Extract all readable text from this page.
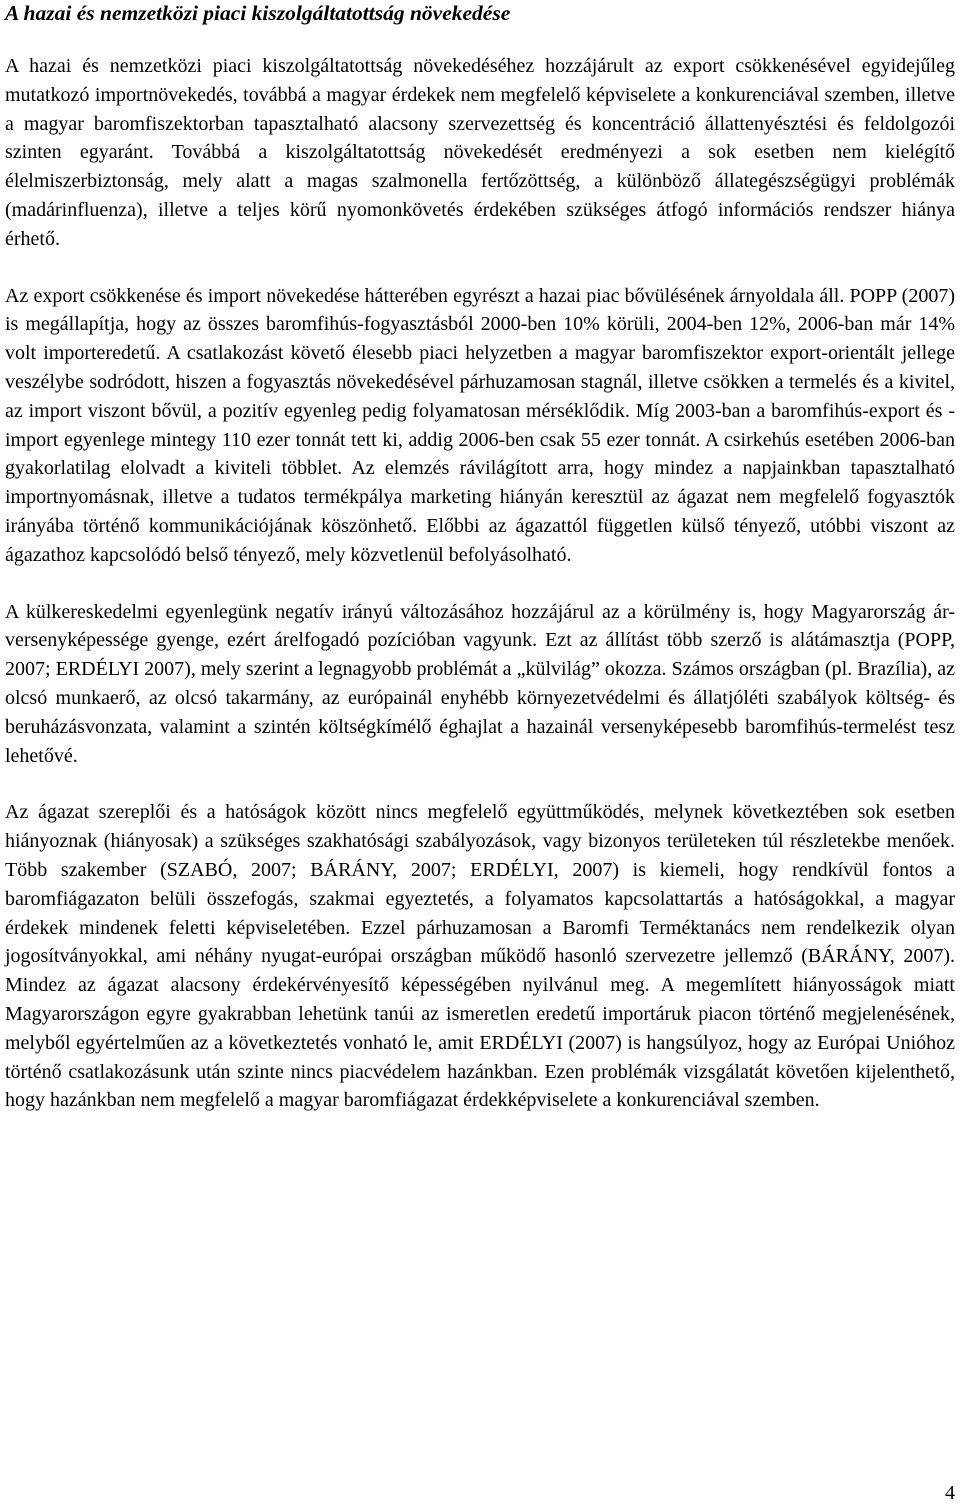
A hazai és nemzetközi piaci kiszolgáltatottság növekedése

A hazai és nemzetközi piaci kiszolgáltatottság növekedéséhez hozzájárult az export csökkenésével egyidejűleg mutatkozó importnövekedés, továbbá a magyar érdekek nem megfelelő képviselete a konkurenciával szemben, illetve a magyar baromfiszektorban tapasztalható alacsony szervezettség és koncentráció állattenyésztési és feldolgozói szinten egyaránt. Továbbá a kiszolgáltatottság növekedését eredményezi a sok esetben nem kielégítő élelmiszerbiztonság, mely alatt a magas szalmonella fertőzöttség, a különböző állategészségügyi problémák (madárinfluenza), illetve a teljes körű nyomonkövetés érdekében szükséges átfogó információs rendszer hiánya érhető.

Az export csökkenése és import növekedése hátterében egyrészt a hazai piac bővülésének árnyoldala áll. POPP (2007) is megállapítja, hogy az összes baromfihús-fogyasztásból 2000-ben 10% körüli, 2004-ben 12%, 2006-ban már 14% volt importeredetű. A csatlakozást követő élesebb piaci helyzetben a magyar baromfiszektor export-orientált jellege veszélybe sodródott, hiszen a fogyasztás növekedésével párhuzamosan stagnál, illetve csökken a termelés és a kivitel, az import viszont bővül, a pozitív egyenleg pedig folyamatosan mérséklődik. Míg 2003-ban a baromfihús-export és -import egyenlege mintegy 110 ezer tonnát tett ki, addig 2006-ben csak 55 ezer tonnát. A csirkehús esetében 2006-ban gyakorlatilag elolvadt a kiviteli többlet. Az elemzés rávilágított arra, hogy mindez a napjainkban tapasztalható importnyomásnak, illetve a tudatos termékpálya marketing hiányán keresztül az ágazat nem megfelelő fogyasztók irányába történő kommunikációjának köszönhető. Előbbi az ágazattól független külső tényező, utóbbi viszont az ágazathoz kapcsolódó belső tényező, mely közvetlenül befolyásolható.

A külkereskedelmi egyenlegünk negatív irányú változásához hozzájárul az a körülmény is, hogy Magyarország ár-versenyképessége gyenge, ezért árelfogadó pozícióban vagyunk. Ezt az állítást több szerző is alátámasztja (POPP, 2007; ERDÉLYI 2007), mely szerint a legnagyobb problémát a „külvilág” okozza. Számos országban (pl. Brazília), az olcsó munkaerő, az olcsó takarmány, az európainál enyhébb környezetvédelmi és állatjóléti szabályok költség- és beruházásvonzata, valamint a szintén költségkímélő éghajlat a hazainál versenyképesebb baromfihús-termelést tesz lehetővé.

Az ágazat szereplői és a hatóságok között nincs megfelelő együttműködés, melynek következtében sok esetben hiányoznak (hiányosak) a szükséges szakhatósági szabályozások, vagy bizonyos területeken túl részletekbe menőek. Több szakember (SZABÓ, 2007; BÁRÁNY, 2007; ERDÉLYI, 2007) is kiemeli, hogy rendkívül fontos a baromfiágazaton belüli összefogás, szakmai egyeztetés, a folyamatos kapcsolattartás a hatóságokkal, a magyar érdekek mindenek feletti képviseletében. Ezzel párhuzamosan a Baromfi Terméktanács nem rendelkezik olyan jogosítványokkal, ami néhány nyugat-európai országban működő hasonló szervezetre jellemző (BÁRÁNY, 2007). Mindez az ágazat alacsony érdekérvényesítő képességében nyilvánul meg. A megemlített hiányosságok miatt Magyarországon egyre gyakrabban lehetünk tanúi az ismeretlen eredetű importáruk piacon történő megjelenésének, melyből egyértelműen az a következtetés vonható le, amit ERDÉLYI (2007) is hangsúlyoz, hogy az Európai Unióhoz történő csatlakozásunk után szinte nincs piacvédelem hazánkban. Ezen problémák vizsgálatát követően kijelenthető, hogy hazánkban nem megfelelő a magyar baromfiágazat érdekképviselete a konkurenciával szemben.

4
